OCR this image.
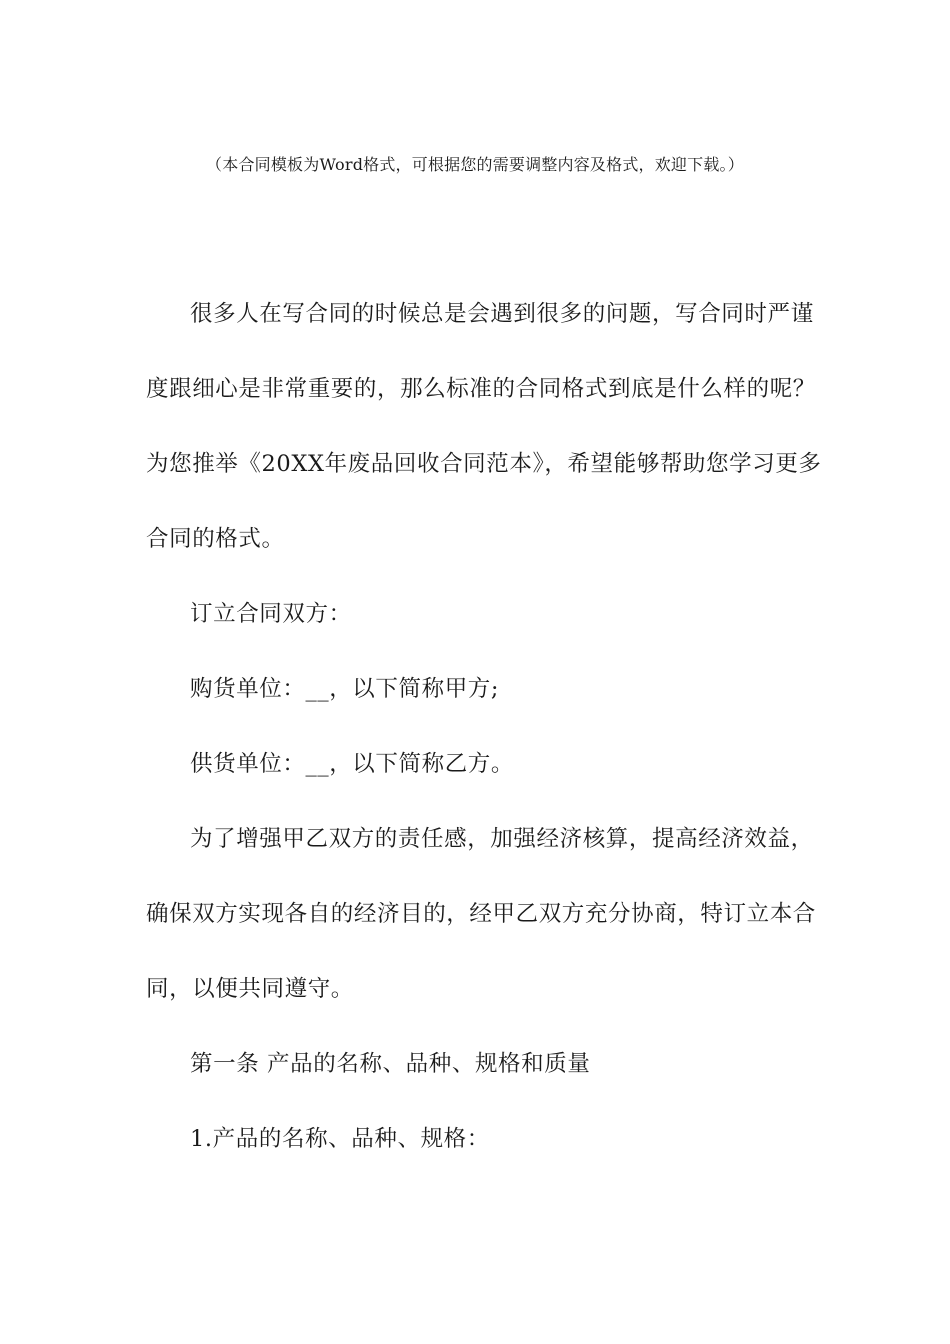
（本合同模板为Word格式，可根据您的需要调整内容及格式，欢迎下载。）
很多人在写合同的时候总是会遇到很多的问题，写合同时严谨
度跟细心是非常重要的，那么标准的合同格式到底是什么样的呢？
为您推举《20XX年废品回收合同范本》，希望能够帮助您学习更多
合同的格式。
订立合同双方：
购货单位：__，以下简称甲方;
供货单位：__，以下简称乙方。
为了增强甲乙双方的责任感，加强经济核算，提高经济效益，
确保双方实现各自的经济目的，经甲乙双方充分协商，特订立本合
同，以便共同遵守。
第一条 产品的名称、品种、规格和质量
1.产品的名称、品种、规格：
